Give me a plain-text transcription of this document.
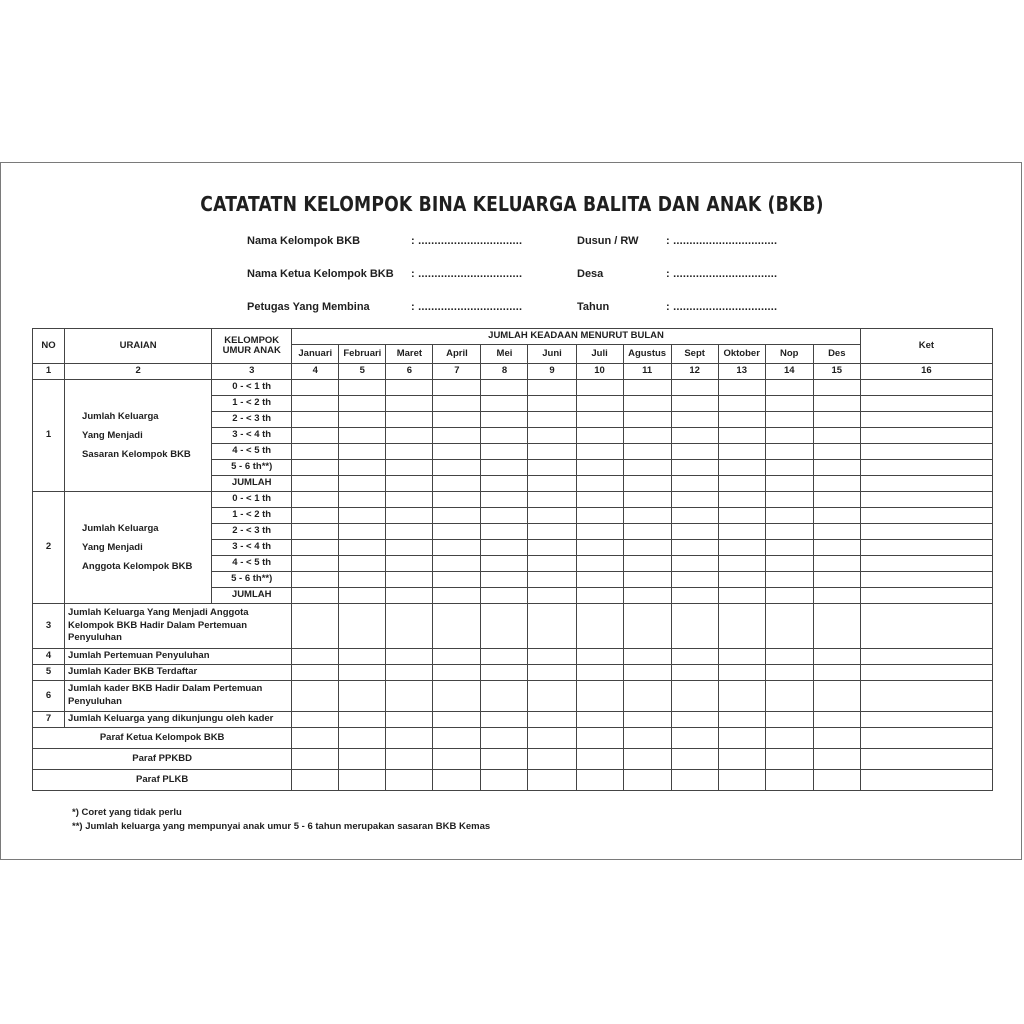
CATATATN KELOMPOK BINA KELUARGA BALITA DAN ANAK (BKB)
Nama Kelompok BKB	: ................................	Dusun / RW : ................................
Nama Ketua Kelompok BKB : ................................	Desa	: ................................
Petugas Yang Membina	: ................................	Tahun	: ................................
NO	URAIAN	KELOMPOK UMUR ANAK	JUMLAH KEADAAN MENURUT BULAN												Ket
			Januari	Februari	Maret	April	Mei	Juni	Juli	Agustus	Sept	Oktober	Nop	Des	
1	2	3	4	5	6	7	8	9	10	11	12	13	14	15	16
1	Jumlah Keluarga
Yang Menjadi
Sasaran Kelompok BKB	0 - < 1 th													
		1 - < 2 th													
		2 - < 3 th													
		3 - < 4 th													
		4 - < 5 th													
		5 - 6 th**)													
		JUMLAH													
2	Jumlah Keluarga
Yang Menjadi
Anggota Kelompok BKB	0 - < 1 th													
		1 - < 2 th													
		2 - < 3 th													
		3 - < 4 th													
		4 - < 5 th													
		5 - 6 th**)													
		JUMLAH													
3	Jumlah Keluarga Yang Menjadi Anggota Kelompok BKB Hadir Dalam Pertemuan Penyuluhan														
4	Jumlah Pertemuan Penyuluhan														
5	Jumlah Kader BKB Terdaftar														
6	Jumlah kader BKB Hadir Dalam Pertemuan Penyuluhan														
7	Jumlah Keluarga yang dikunjungu oleh kader														
Paraf Ketua Kelompok BKB															
Paraf PPKBD															
Paraf PLKB															
*) Coret yang tidak perlu
**) Jumlah keluarga yang mempunyai anak umur 5 - 6 tahun merupakan sasaran BKB Kemas
